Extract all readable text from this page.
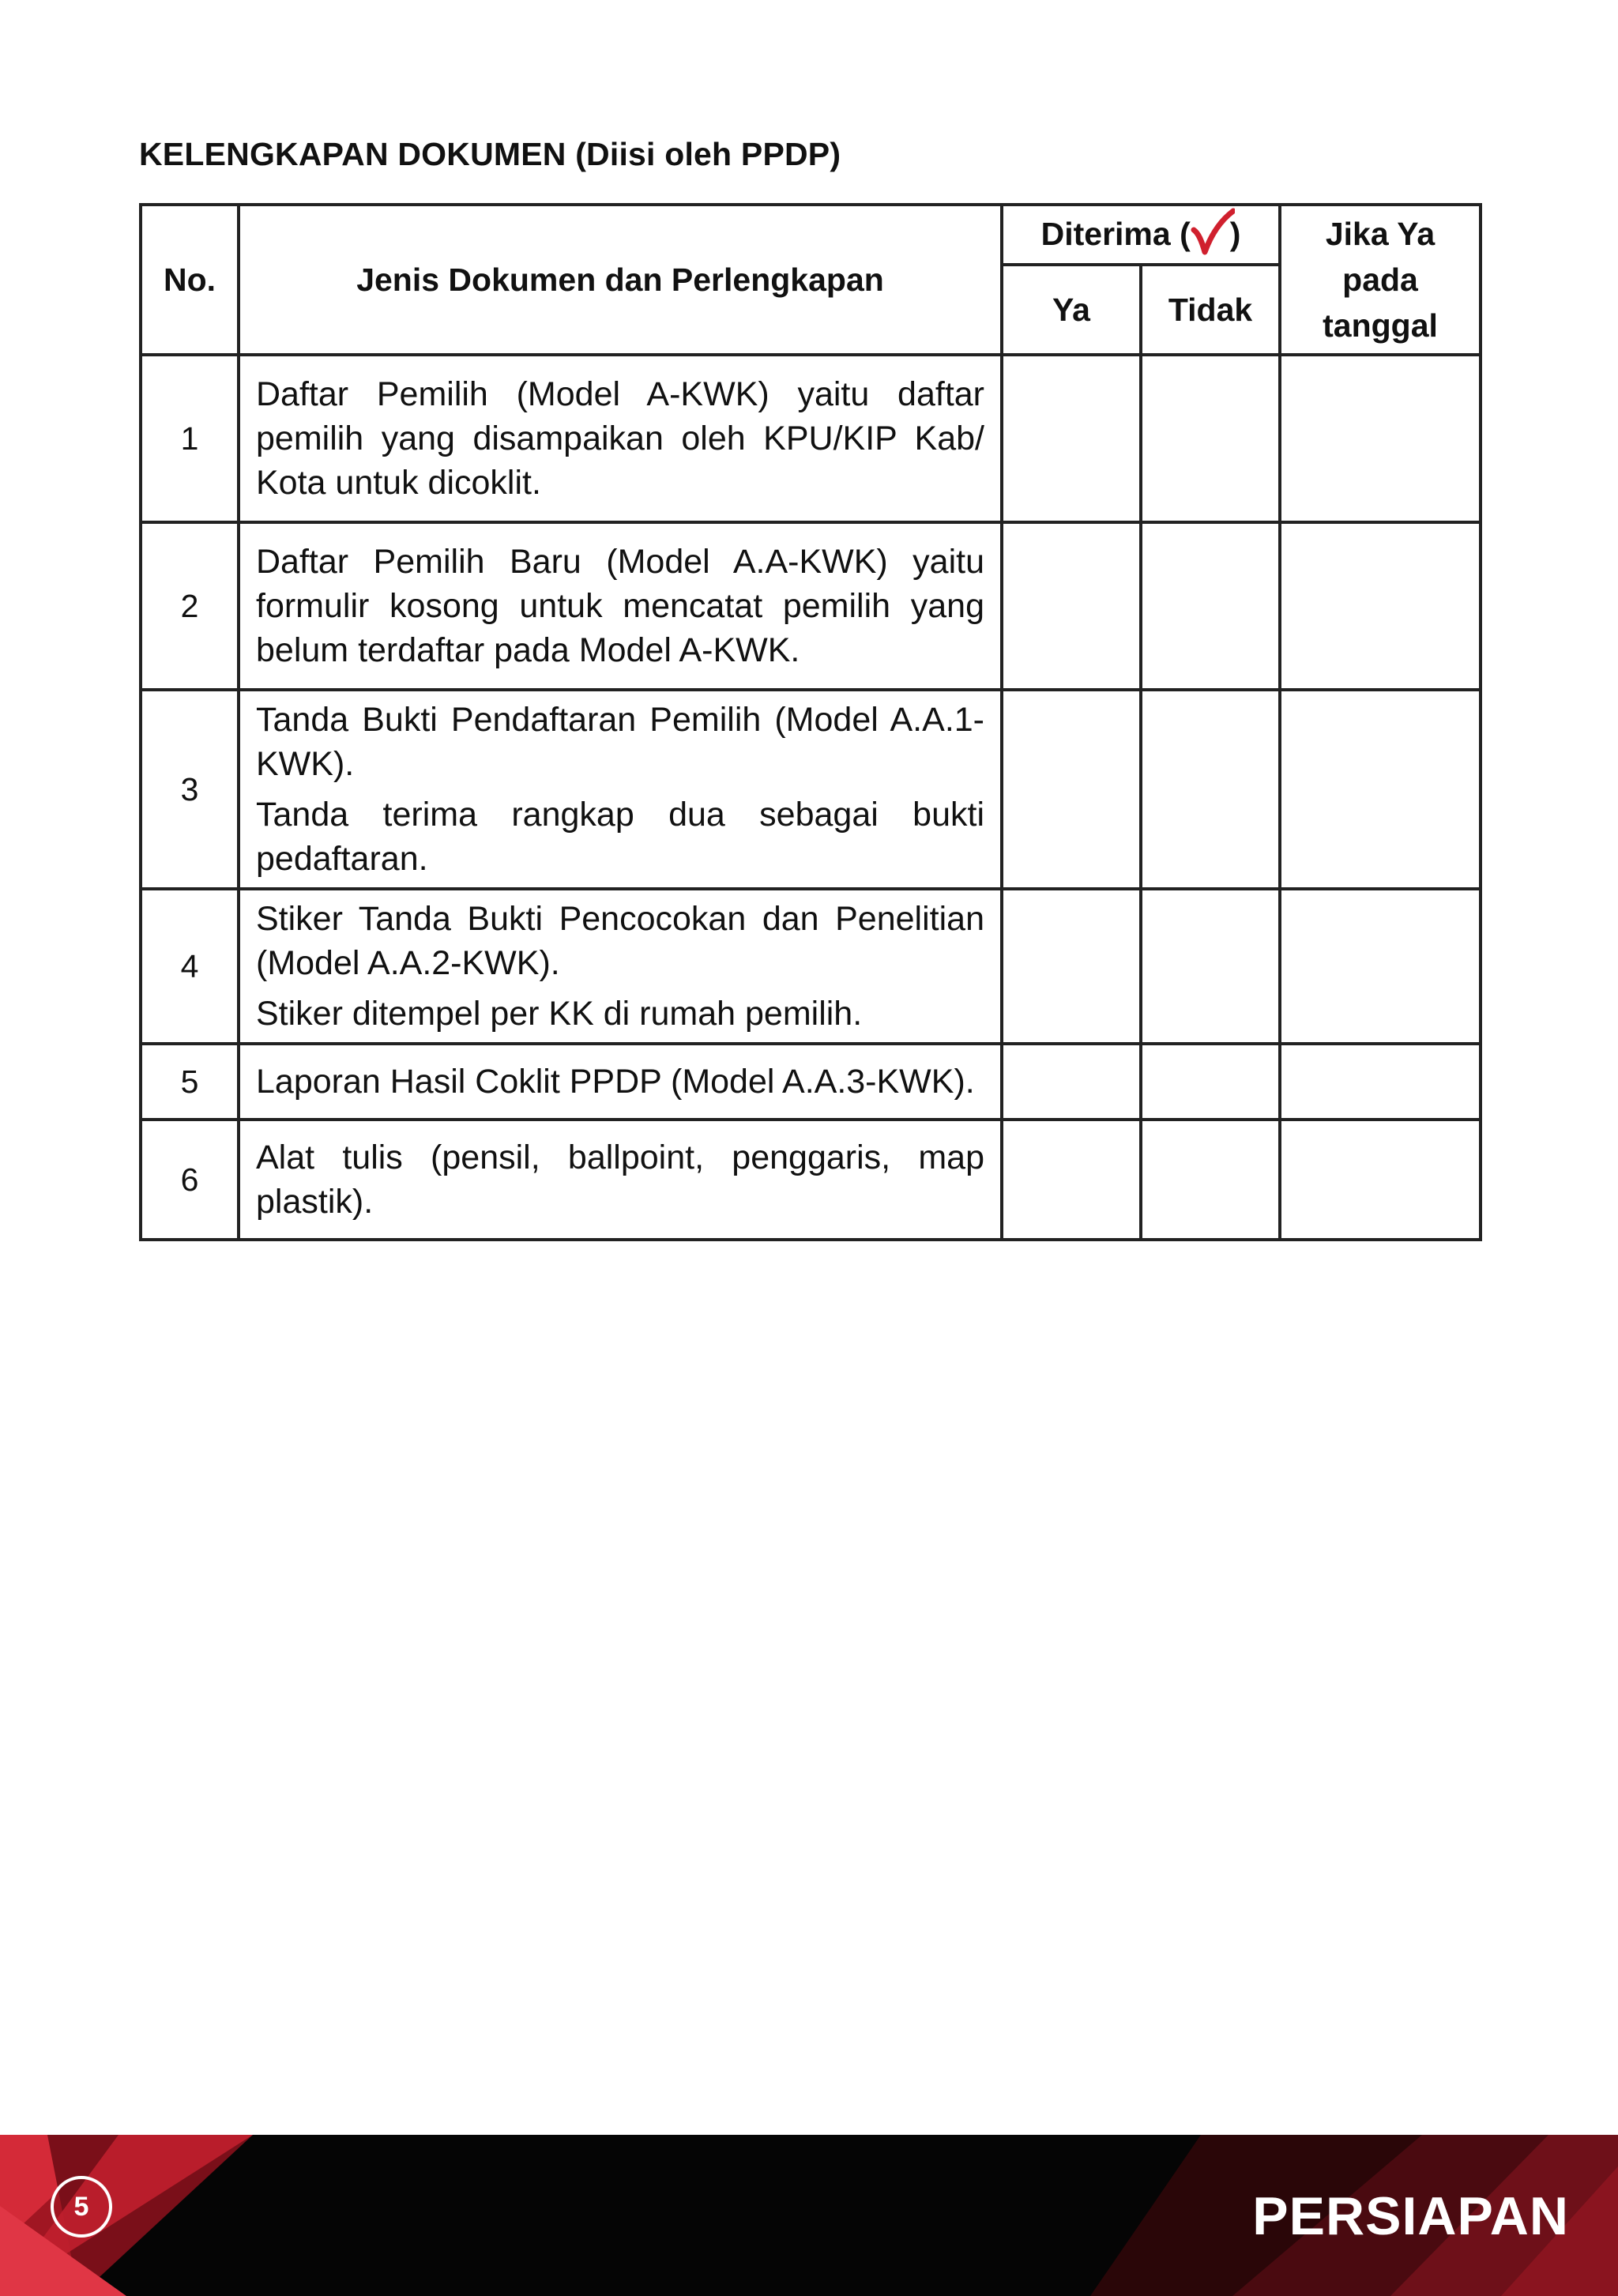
KELENGKAPAN DOKUMEN (Diisi oleh PPDP)
No.	Jenis Dokumen dan Perlengkapan	Diterima ( )		Jika Ya pada tanggal
		Ya	Tidak	
1	Daftar Pemilih (Model A-KWK) yaitu daftar pemilih yang disampaikan oleh KPU/KIP Kab/ Kota untuk dicoklit.			

2	Daftar Pemilih Baru (Model A.A-KWK) yaitu formulir kosong untuk mencatat pemilih yang belum terdaftar pada Model A-KWK.			

3	Tanda Bukti Pendaftaran Pemilih (Model A.A.1-KWK).

Tanda terima rangkap dua sebagai bukti pedaftaran.			

4	Stiker Tanda Bukti Pencocokan dan Penelitian (Model A.A.2-KWK).

Stiker ditempel per KK di rumah pemilih.			

5	Laporan Hasil Coklit PPDP (Model A.A.3-KWK).			

6	Alat tulis (pensil, ballpoint, penggaris, map plastik).			

5	PERSIAPAN
